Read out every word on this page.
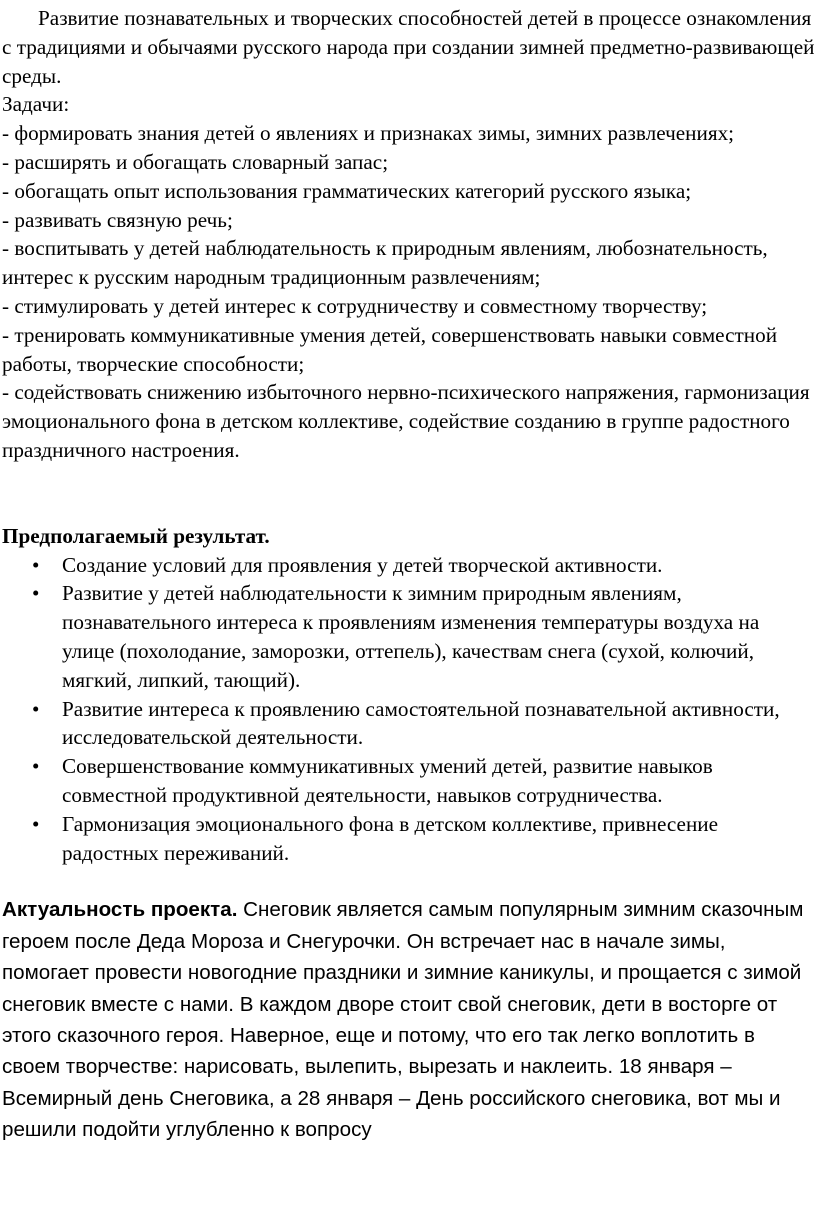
Развитие познавательных и творческих способностей детей в процессе ознакомления с традициями и обычаями русского народа при создании зимней предметно-развивающей среды.

Задачи:

- формировать знания детей о явлениях и признаках зимы, зимних развлечениях;
- расширять и обогащать словарный запас;
- обогащать опыт использования грамматических категорий русского языка;
- развивать связную речь;
- воспитывать у детей наблюдательность к природным явлениям, любознательность, интерес к русским народным традиционным развлечениям;
- стимулировать у детей интерес к сотрудничеству и совместному творчеству;
- тренировать коммуникативные умения детей, совершенствовать навыки совместной работы, творческие способности;
- содействовать снижению избыточного нервно-психического напряжения, гармонизация эмоционального фона в детском коллективе, содействие созданию в группе радостного праздничного настроения.

Предполагаемый результат.

• Создание условий для проявления у детей творческой активности.
• Развитие у детей наблюдательности к зимним природным явлениям, познавательного интереса к проявлениям изменения температуры воздуха на улице (похолодание, заморозки, оттепель), качествам снега (сухой, колючий, мягкий, липкий, тающий).
• Развитие интереса к проявлению самостоятельной познавательной активности, исследовательской деятельности.
• Совершенствование коммуникативных умений детей, развитие навыков совместной продуктивной деятельности, навыков сотрудничества.
• Гармонизация эмоционального фона в детском коллективе, привнесение радостных переживаний.

Актуальность проекта. Снеговик является самым популярным зимним сказочным героем после Деда Мороза и Снегурочки. Он встречает нас в начале зимы, помогает провести новогодние праздники и зимние каникулы, и прощается с зимой снеговик вместе с нами. В каждом дворе стоит свой снеговик, дети в восторге от этого сказочного героя. Наверное, еще и потому, что его так легко воплотить в своем творчестве: нарисовать, вылепить, вырезать и наклеить. 18 января – Всемирный день Снеговика, а 28 января – День российского снеговика, вот мы и решили подойти углубленно к вопросу
